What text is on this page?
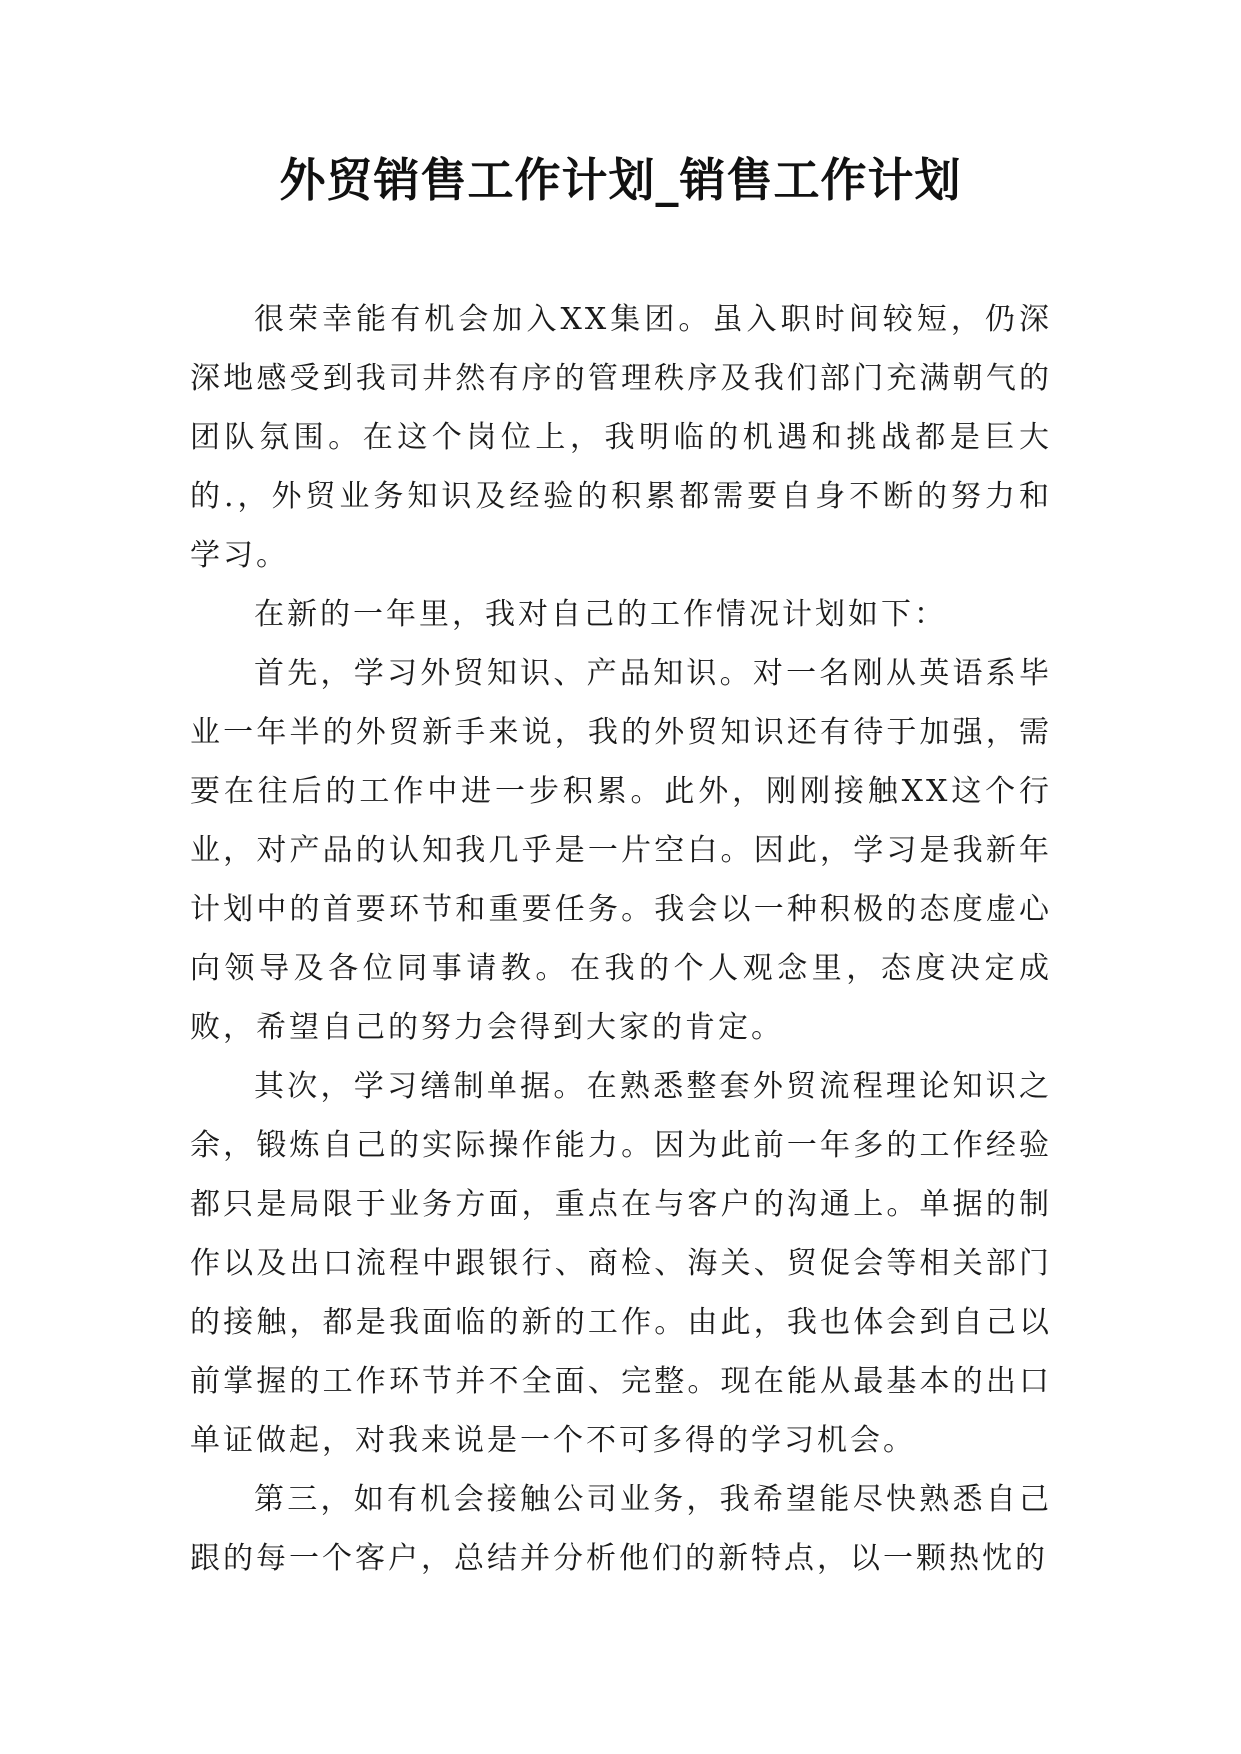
外贸销售工作计划_销售工作计划

很荣幸能有机会加入XX集团。虽入职时间较短，仍深深地感受到我司井然有序的管理秩序及我们部门充满朝气的团队氛围。在这个岗位上，我明临的机遇和挑战都是巨大的.，外贸业务知识及经验的积累都需要自身不断的努力和学习。

在新的一年里，我对自己的工作情况计划如下：

首先，学习外贸知识、产品知识。对一名刚从英语系毕业一年半的外贸新手来说，我的外贸知识还有待于加强，需要在往后的工作中进一步积累。此外，刚刚接触XX这个行业，对产品的认知我几乎是一片空白。因此，学习是我新年计划中的首要环节和重要任务。我会以一种积极的态度虚心向领导及各位同事请教。在我的个人观念里，态度决定成败，希望自己的努力会得到大家的肯定。

其次，学习缮制单据。在熟悉整套外贸流程理论知识之余，锻炼自己的实际操作能力。因为此前一年多的工作经验都只是局限于业务方面，重点在与客户的沟通上。单据的制作以及出口流程中跟银行、商检、海关、贸促会等相关部门的接触，都是我面临的新的工作。由此，我也体会到自己以前掌握的工作环节并不全面、完整。现在能从最基本的出口单证做起，对我来说是一个不可多得的学习机会。

第三，如有机会接触公司业务，我希望能尽快熟悉自己跟的每一个客户，总结并分析他们的新特点，以一颗热忱的
